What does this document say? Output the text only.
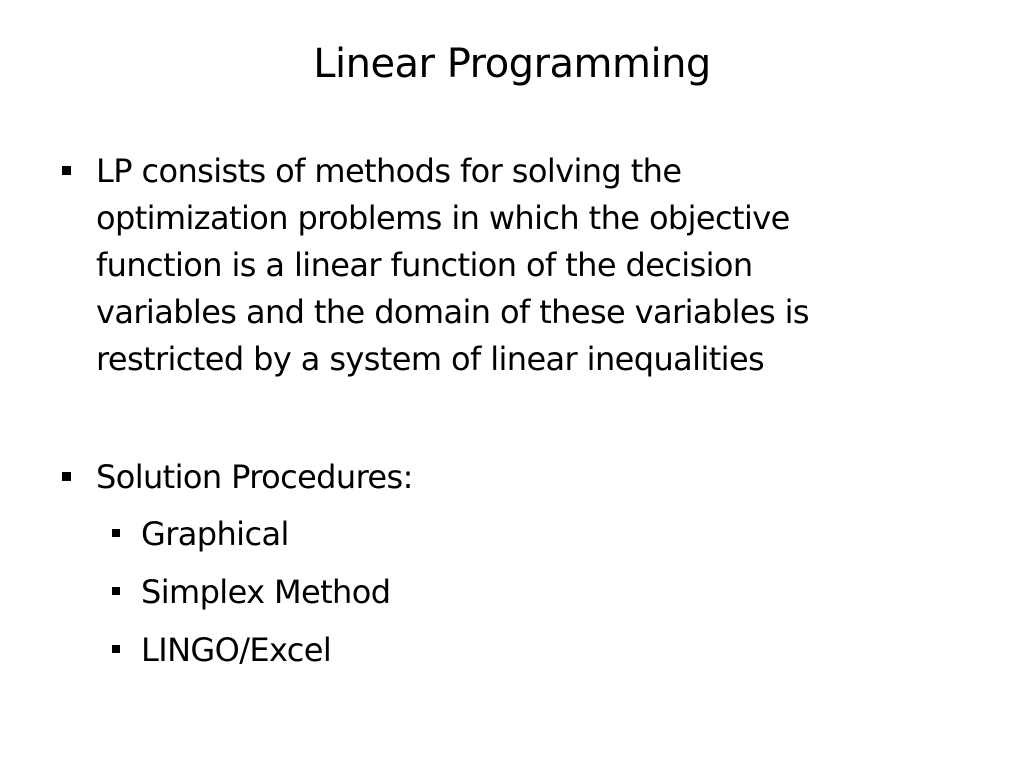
Linear Programming
LP consists of methods for solving the
optimization problems in which the objective
function is a linear function of the decision
variables and the domain of these variables is
restricted by a system of linear inequalities
Solution Procedures:
Graphical
Simplex Method
LINGO/Excel
